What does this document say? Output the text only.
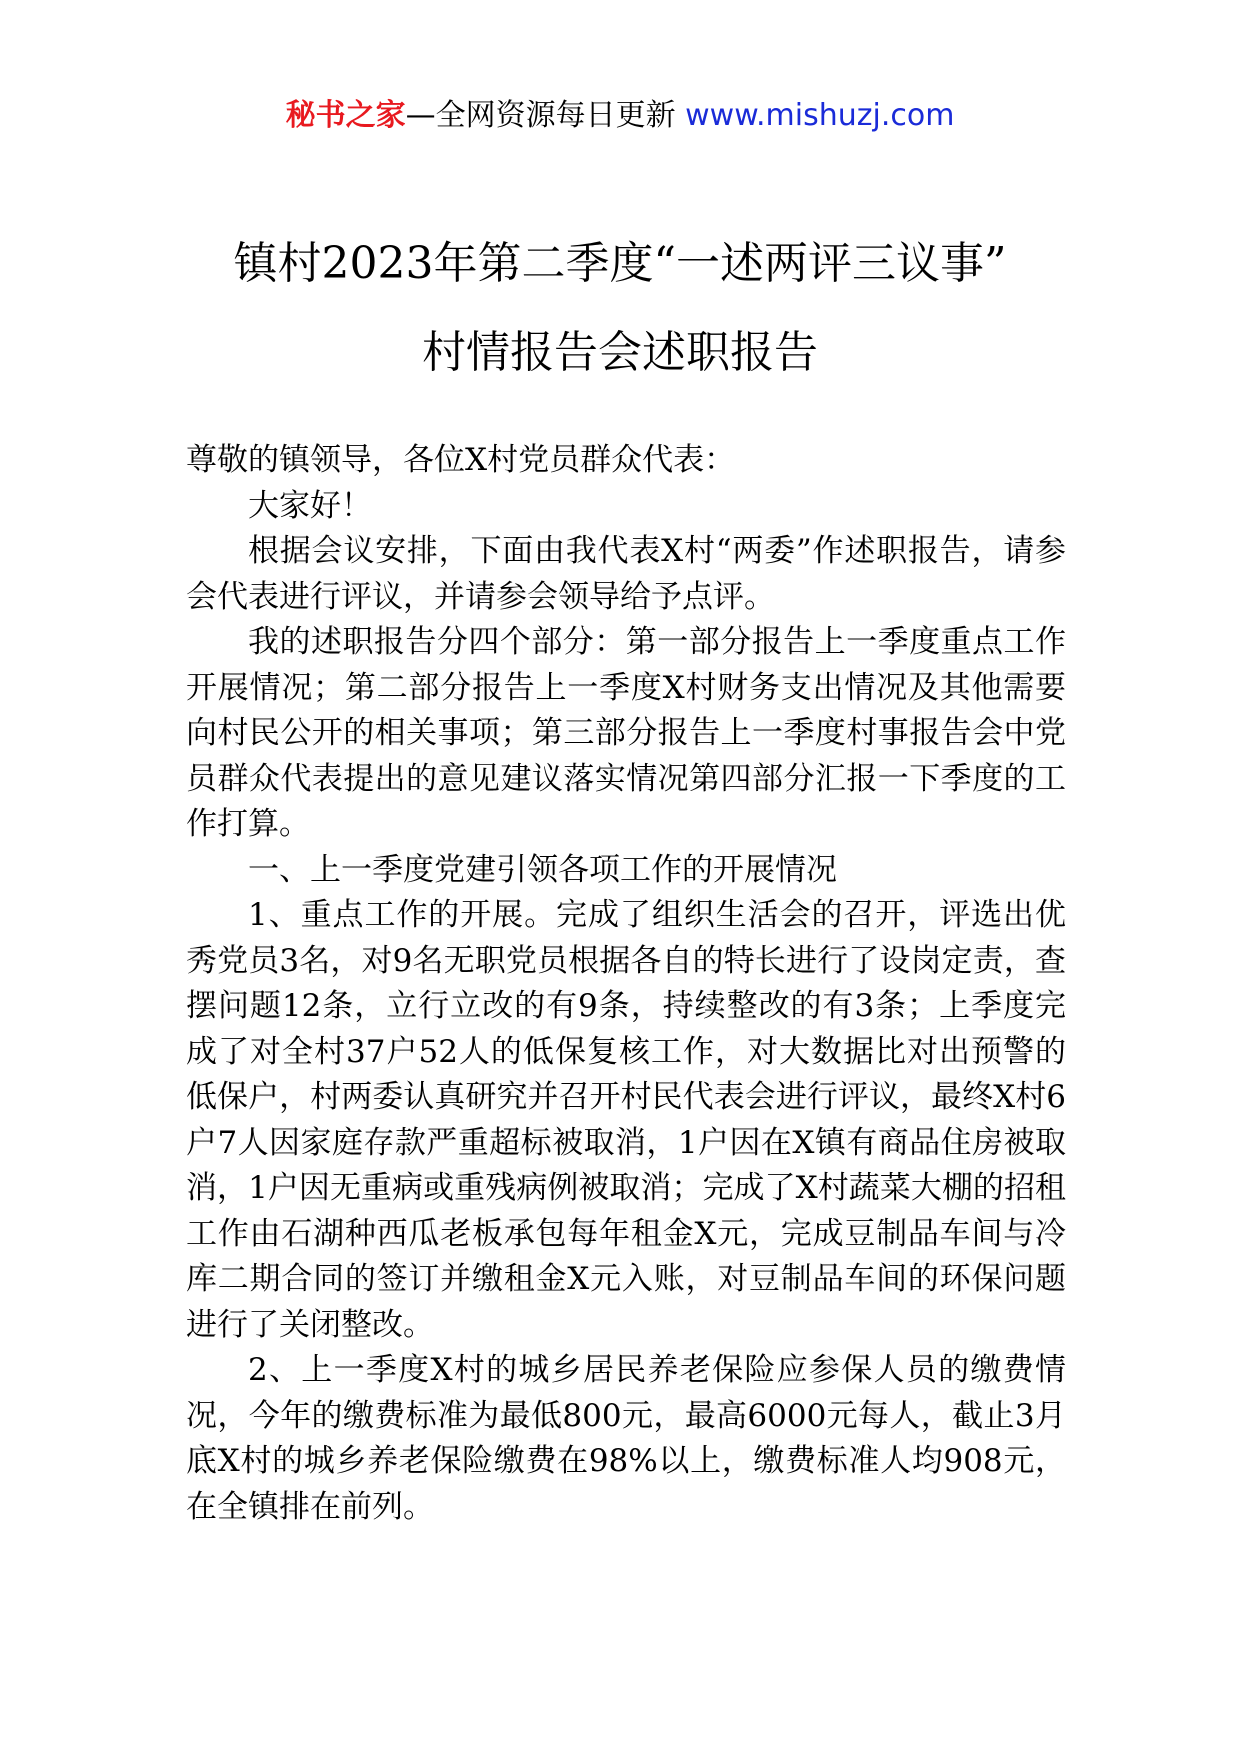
秘书之家—全网资源每日更新 www.mishuzj.com
镇村2023年第二季度“一述两评三议事”
村情报告会述职报告

尊敬的镇领导，各位X村党员群众代表：

大家好！

根据会议安排，下面由我代表X村“两委”作述职报告，请参会代表进行评议，并请参会领导给予点评。

我的述职报告分四个部分：第一部分报告上一季度重点工作开展情况；第二部分报告上一季度X村财务支出情况及其他需要向村民公开的相关事项；第三部分报告上一季度村事报告会中党员群众代表提出的意见建议落实情况第四部分汇报一下季度的工作打算。

一、上一季度党建引领各项工作的开展情况

1、重点工作的开展。完成了组织生活会的召开，评选出优秀党员3名，对9名无职党员根据各自的特长进行了设岗定责，查摆问题12条，立行立改的有9条，持续整改的有3条；上季度完成了对全村37户52人的低保复核工作，对大数据比对出预警的低保户，村两委认真研究并召开村民代表会进行评议，最终X村6户7人因家庭存款严重超标被取消，1户因在X镇有商品住房被取消，1户因无重病或重残病例被取消；完成了X村蔬菜大棚的招租工作由石湖种西瓜老板承包每年租金X元，完成豆制品车间与冷库二期合同的签订并缴租金X元入账，对豆制品车间的环保问题进行了关闭整改。

2、上一季度X村的城乡居民养老保险应参保人员的缴费情况，今年的缴费标准为最低800元，最高6000元每人，截止3月底X村的城乡养老保险缴费在98%以上，缴费标准人均908元，在全镇排在前列。
